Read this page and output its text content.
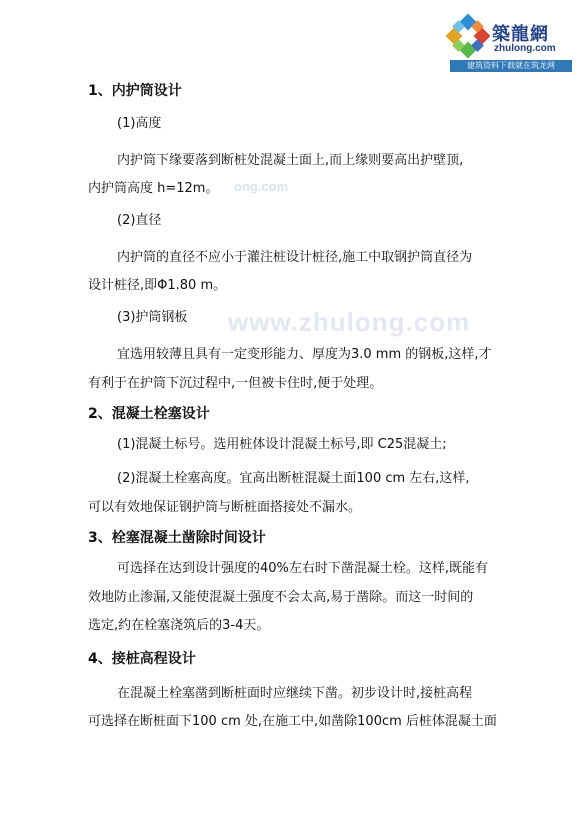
築龍網
zhulong.com
建筑资料下载就在筑龙网
ong.com
www.zhulong.com
1、内护筒设计
(1)高度
内护筒下缘要落到断桩处混凝土面上,而上缘则要高出护壁顶,
内护筒高度 h=12m。
(2)直径
内护筒的直径不应小于灌注桩设计桩径,施工中取钢护筒直径为
设计桩径,即Φ1.80 m。
(3)护筒钢板
宜选用较薄且具有一定变形能力、厚度为3.0 mm 的钢板,这样,才
有利于在护筒下沉过程中,一但被卡住时,便于处理。
2、混凝土栓塞设计
(1)混凝土标号。选用桩体设计混凝土标号,即 C25混凝土;
(2)混凝土栓塞高度。宜高出断桩混凝土面100 cm 左右,这样,
可以有效地保证钢护筒与断桩面搭接处不漏水。
3、栓塞混凝土凿除时间设计
可选择在达到设计强度的40%左右时下凿混凝土栓。这样,既能有
效地防止渗漏,又能使混凝土强度不会太高,易于凿除。而这一时间的
选定,约在栓塞浇筑后的3-4天。
4、接桩高程设计
在混凝土栓塞凿到断桩面时应继续下凿。初步设计时,接桩高程
可选择在断桩面下100 cm 处,在施工中,如凿除100cm 后桩体混凝土面
